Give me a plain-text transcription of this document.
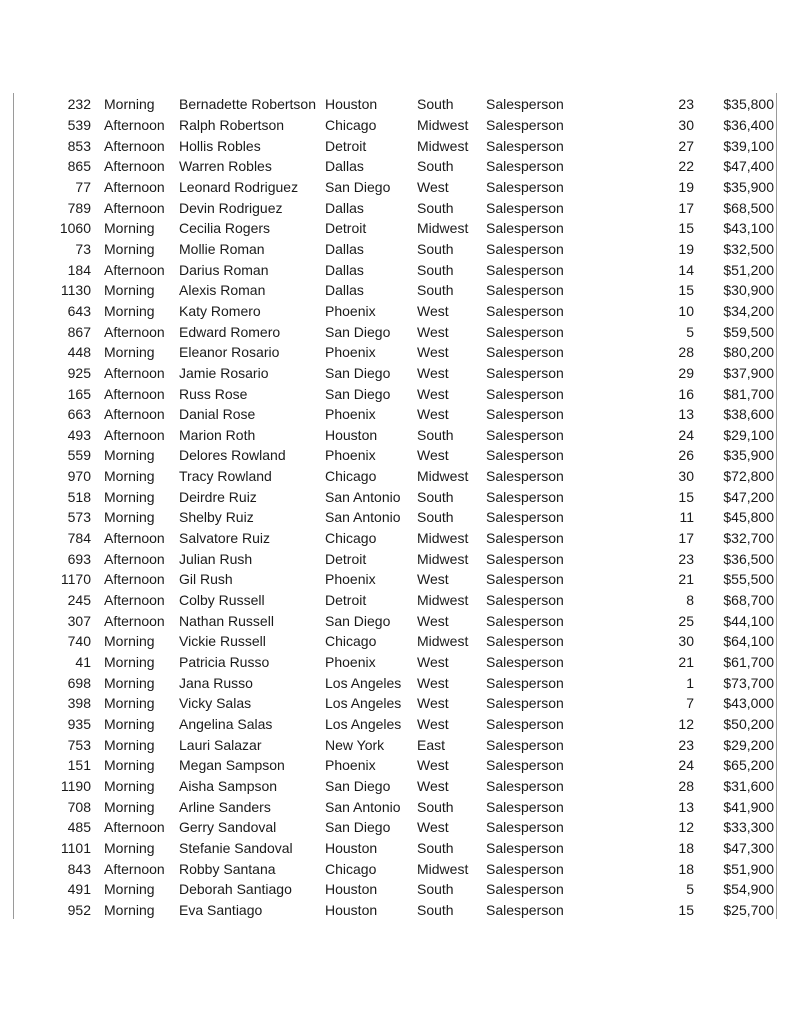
232	Morning	Bernadette Robertson	Houston	South	Salesperson	23	$35,800
539	Afternoon	Ralph Robertson	Chicago	Midwest	Salesperson	30	$36,400
853	Afternoon	Hollis Robles	Detroit	Midwest	Salesperson	27	$39,100
865	Afternoon	Warren Robles	Dallas	South	Salesperson	22	$47,400
77	Afternoon	Leonard Rodriguez	San Diego	West	Salesperson	19	$35,900
789	Afternoon	Devin Rodriguez	Dallas	South	Salesperson	17	$68,500
1060	Morning	Cecilia Rogers	Detroit	Midwest	Salesperson	15	$43,100
73	Morning	Mollie Roman	Dallas	South	Salesperson	19	$32,500
184	Afternoon	Darius Roman	Dallas	South	Salesperson	14	$51,200
1130	Morning	Alexis Roman	Dallas	South	Salesperson	15	$30,900
643	Morning	Katy Romero	Phoenix	West	Salesperson	10	$34,200
867	Afternoon	Edward Romero	San Diego	West	Salesperson	5	$59,500
448	Morning	Eleanor Rosario	Phoenix	West	Salesperson	28	$80,200
925	Afternoon	Jamie Rosario	San Diego	West	Salesperson	29	$37,900
165	Afternoon	Russ Rose	San Diego	West	Salesperson	16	$81,700
663	Afternoon	Danial Rose	Phoenix	West	Salesperson	13	$38,600
493	Afternoon	Marion Roth	Houston	South	Salesperson	24	$29,100
559	Morning	Delores Rowland	Phoenix	West	Salesperson	26	$35,900
970	Morning	Tracy Rowland	Chicago	Midwest	Salesperson	30	$72,800
518	Morning	Deirdre Ruiz	San Antonio	South	Salesperson	15	$47,200
573	Morning	Shelby Ruiz	San Antonio	South	Salesperson	11	$45,800
784	Afternoon	Salvatore Ruiz	Chicago	Midwest	Salesperson	17	$32,700
693	Afternoon	Julian Rush	Detroit	Midwest	Salesperson	23	$36,500
1170	Afternoon	Gil Rush	Phoenix	West	Salesperson	21	$55,500
245	Afternoon	Colby Russell	Detroit	Midwest	Salesperson	8	$68,700
307	Afternoon	Nathan Russell	San Diego	West	Salesperson	25	$44,100
740	Morning	Vickie Russell	Chicago	Midwest	Salesperson	30	$64,100
41	Morning	Patricia Russo	Phoenix	West	Salesperson	21	$61,700
698	Morning	Jana Russo	Los Angeles	West	Salesperson	1	$73,700
398	Morning	Vicky Salas	Los Angeles	West	Salesperson	7	$43,000
935	Morning	Angelina Salas	Los Angeles	West	Salesperson	12	$50,200
753	Morning	Lauri Salazar	New York	East	Salesperson	23	$29,200
151	Morning	Megan Sampson	Phoenix	West	Salesperson	24	$65,200
1190	Morning	Aisha Sampson	San Diego	West	Salesperson	28	$31,600
708	Morning	Arline Sanders	San Antonio	South	Salesperson	13	$41,900
485	Afternoon	Gerry Sandoval	San Diego	West	Salesperson	12	$33,300
1101	Morning	Stefanie Sandoval	Houston	South	Salesperson	18	$47,300
843	Afternoon	Robby Santana	Chicago	Midwest	Salesperson	18	$51,900
491	Morning	Deborah Santiago	Houston	South	Salesperson	5	$54,900
952	Morning	Eva Santiago	Houston	South	Salesperson	15	$25,700
